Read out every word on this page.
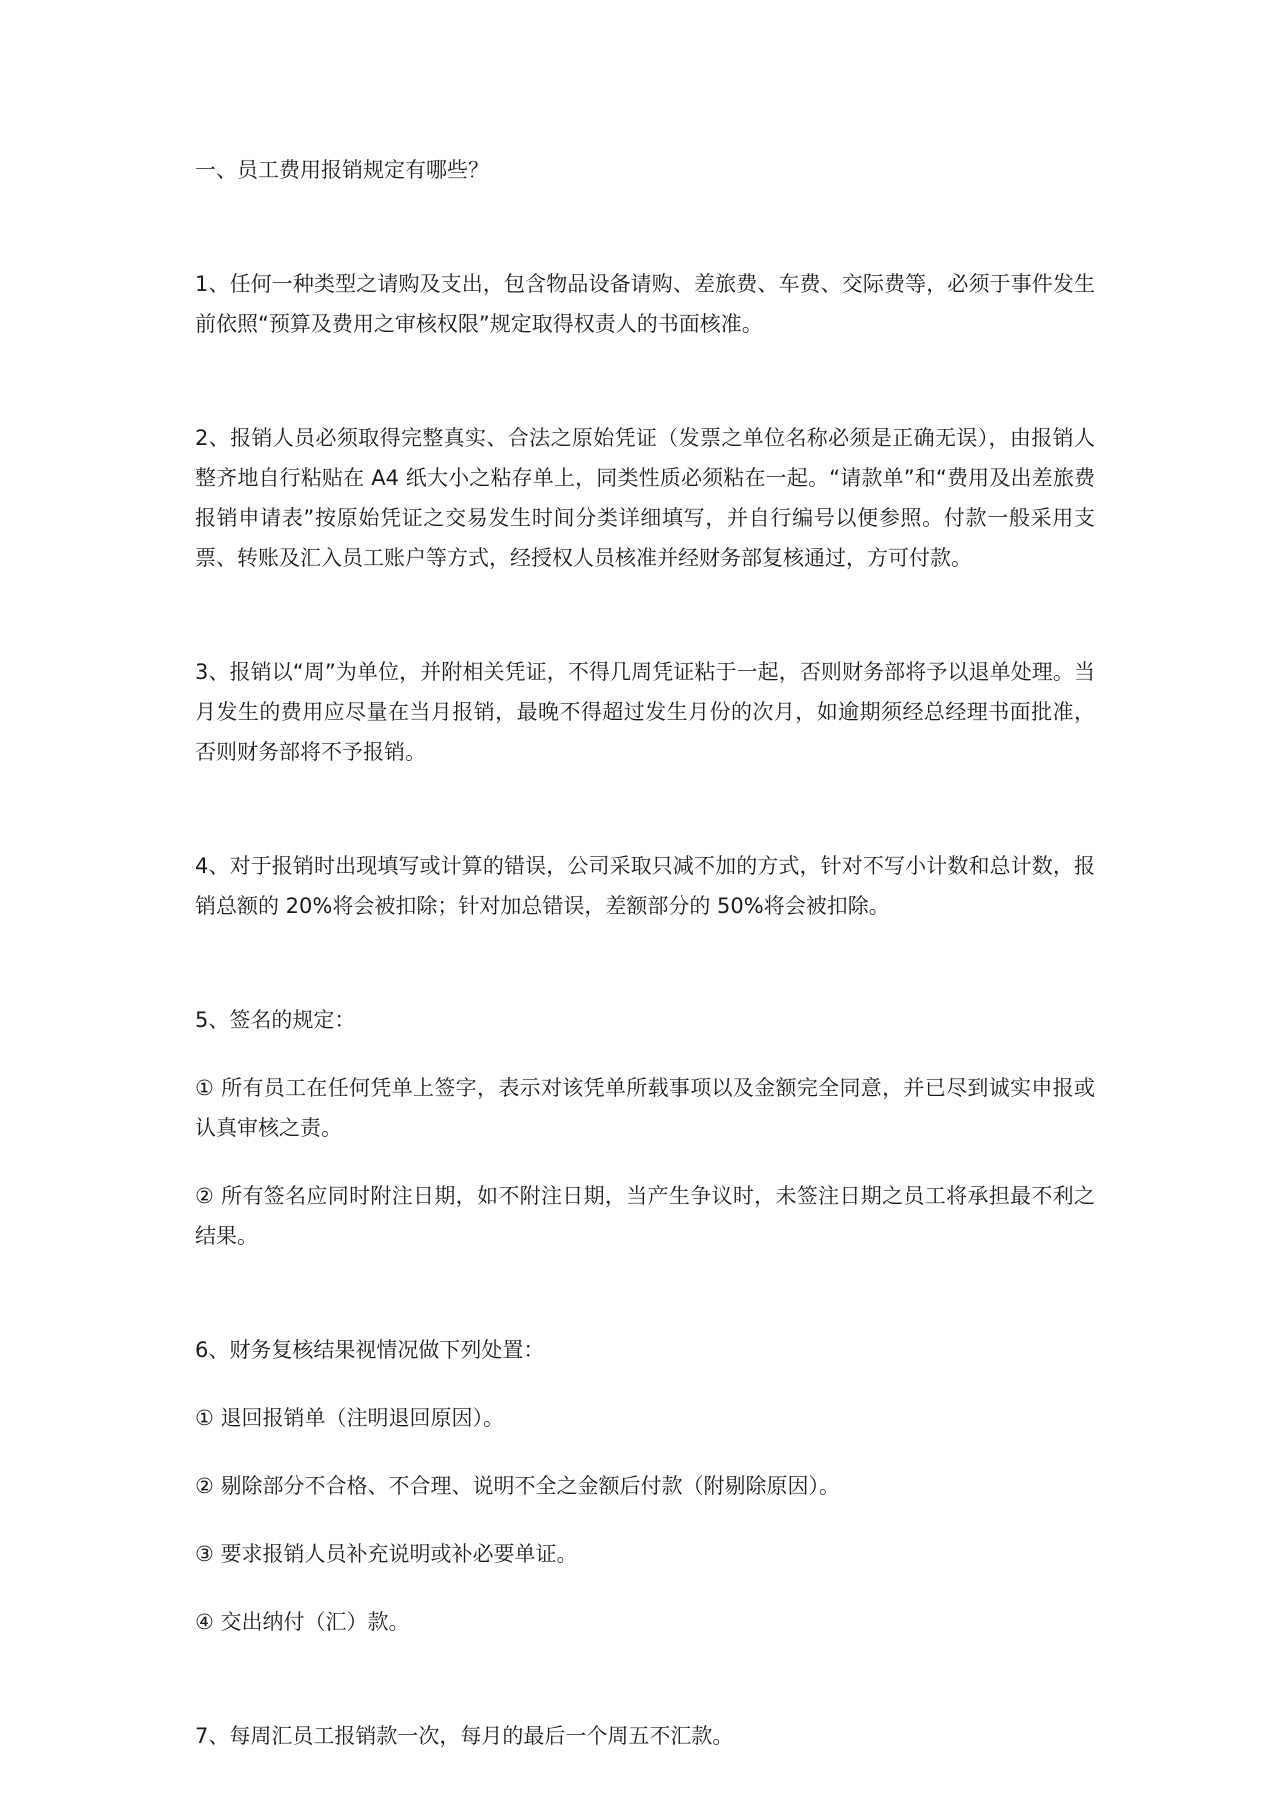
一、员工费用报销规定有哪些？

1、任何一种类型之请购及支出，包含物品设备请购、差旅费、车费、交际费等，必须于事件发生前依照“预算及费用之审核权限”规定取得权责人的书面核准。

2、报销人员必须取得完整真实、合法之原始凭证（发票之单位名称必须是正确无误），由报销人整齐地自行粘贴在 A4 纸大小之粘存单上，同类性质必须粘在一起。“请款单”和“费用及出差旅费报销申请表”按原始凭证之交易发生时间分类详细填写，并自行编号以便参照。付款一般采用支票、转账及汇入员工账户等方式，经授权人员核准并经财务部复核通过，方可付款。

3、报销以“周”为单位，并附相关凭证，不得几周凭证粘于一起，否则财务部将予以退单处理。当月发生的费用应尽量在当月报销，最晚不得超过发生月份的次月，如逾期须经总经理书面批准，否则财务部将不予报销。

4、对于报销时出现填写或计算的错误，公司采取只减不加的方式，针对不写小计数和总计数，报销总额的 20%将会被扣除；针对加总错误，差额部分的 50%将会被扣除。

5、签名的规定：

① 所有员工在任何凭单上签字，表示对该凭单所载事项以及金额完全同意，并已尽到诚实申报或认真审核之责。

② 所有签名应同时附注日期，如不附注日期，当产生争议时，未签注日期之员工将承担最不利之结果。

6、财务复核结果视情况做下列处置：

① 退回报销单（注明退回原因）。

② 剔除部分不合格、不合理、说明不全之金额后付款（附剔除原因）。

③ 要求报销人员补充说明或补必要单证。

④ 交出纳付（汇）款。

7、每周汇员工报销款一次，每月的最后一个周五不汇款。
